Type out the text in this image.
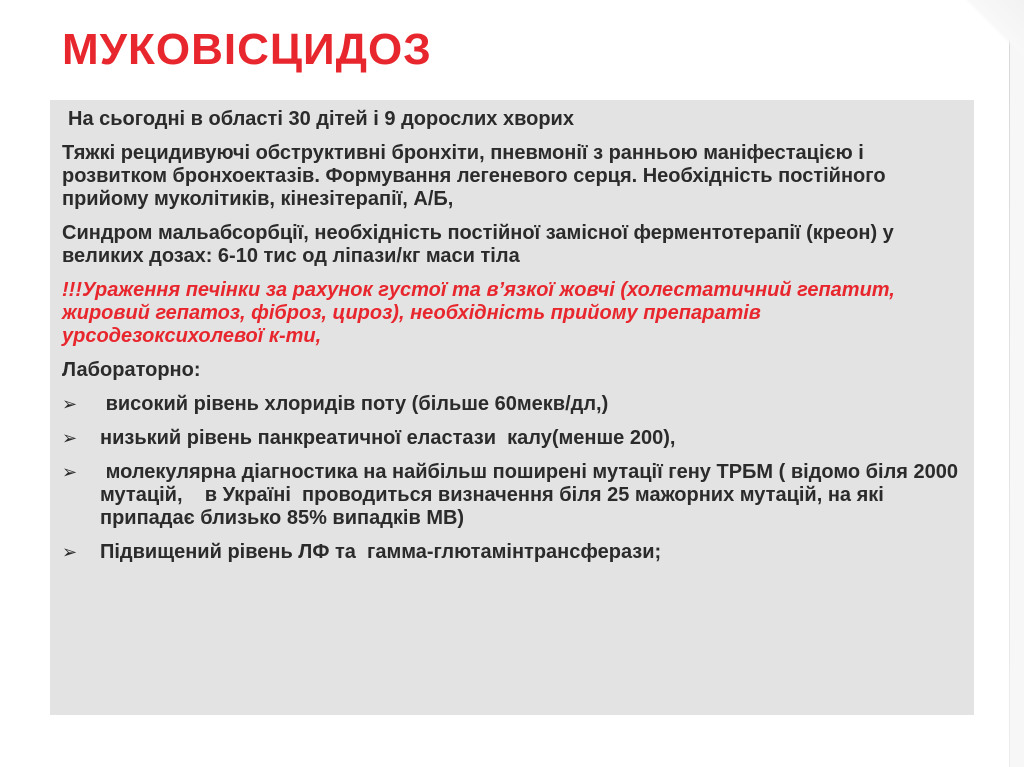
МУКОВІСЦИДОЗ

На сьогодні в області 30 дітей і 9 дорослих хворих

Тяжкі рецидивуючі обструктивні бронхіти, пневмонії з ранньою маніфестацією і розвитком бронхоектазів. Формування легеневого серця. Необхідність постійного прийому муколітиків, кінезітерапії, А/Б,

Синдром мальабсорбції, необхідність постійної замісної ферментотерапії (креон) у великих дозах: 6-10 тис од ліпази/кг маси тіла

!!!Ураження печінки за рахунок густої та в’язкої жовчі (холестатичний гепатит, жировий гепатоз, фіброз, цироз), необхідність прийому препаратів урсодезоксихолевої к-ти,

Лабораторно:

➢	високий рівень хлоридів поту (більше 60мекв/дл,)

➢	низький рівень панкреатичної еластази  калу(менше 200),

➢	молекулярна діагностика на найбільш поширені мутації гену ТРБМ ( відомо біля 2000 мутацій,    в Україні  проводиться визначення біля 25 мажорних мутацій, на які припадає близько 85% випадків МВ)

➢	Підвищений рівень ЛФ та  гамма-глютамінтрансферази;
